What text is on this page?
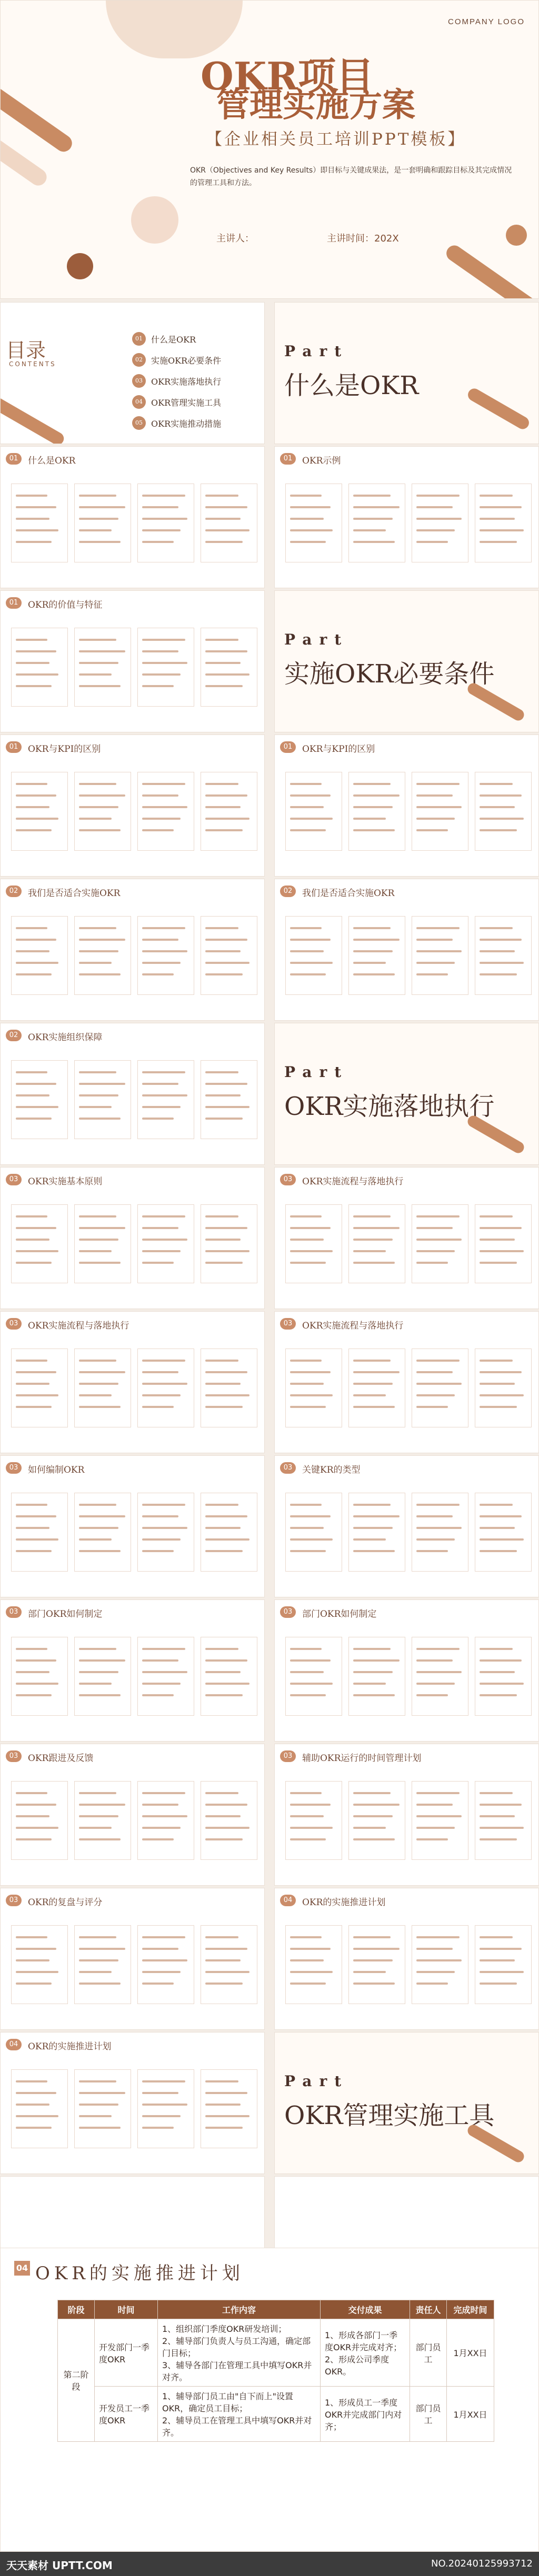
COMPANY LOGO
OKR项目
管理实施方案
【企业相关员工培训PPT模板】
OKR（Objectives and Key Results）即目标与关键成果法，是一套明确和跟踪目标及其完成情况的管理工具和方法。
主讲人：	主讲时间：202X
目录
CONTENTS
01	什么是OKR
02	实施OKR必要条件
03	OKR实施落地执行
04	OKR管理实施工具
05	OKR实施推动措施
Part
什么是OKR
01	什么是OKR	01	OKR示例
01	OKR的价值与特征
Part
实施OKR必要条件
01	OKR与KPI的区别	01	OKR与KPI的区别
02	我们是否适合实施OKR	02	我们是否适合实施OKR
02	OKR实施组织保障
Part
OKR实施落地执行
03	OKR实施基本原则	03	OKR实施流程与落地执行
03	OKR实施流程与落地执行	03	OKR实施流程与落地执行
03	如何编制OKR	03	关键KR的类型
03	部门OKR如何制定	03	部门OKR如何制定
03	OKR跟进及反馈	03	辅助OKR运行的时间管理计划
03	OKR的复盘与评分	04	OKR的实施推进计划
04	OKR的实施推进计划
Part
OKR管理实施工具
04 OKR的实施推进计划
阶段	时间	工作内容	交付成果	责任人	完成时间
第二阶段	开发部门一季度OKR	1、组织部门季度OKR研发培训；
2、辅导部门负责人与员工沟通，确定部门目标；
3、辅导各部门在管理工具中填写OKR并对齐。	1、形成各部门一季度OKR并完成对齐；
2、形成公司季度OKR。	部门员工	1月XX日
	开发员工一季度OKR	1、辅导部门员工由"自下而上"设置OKR，确定员工目标；
2、辅导员工在管理工具中填写OKR并对齐。	1、形成员工一季度OKR并完成部门内对齐；	部门员工	1月XX日
天天素材 UPTT.COM	NO.20240125993712
